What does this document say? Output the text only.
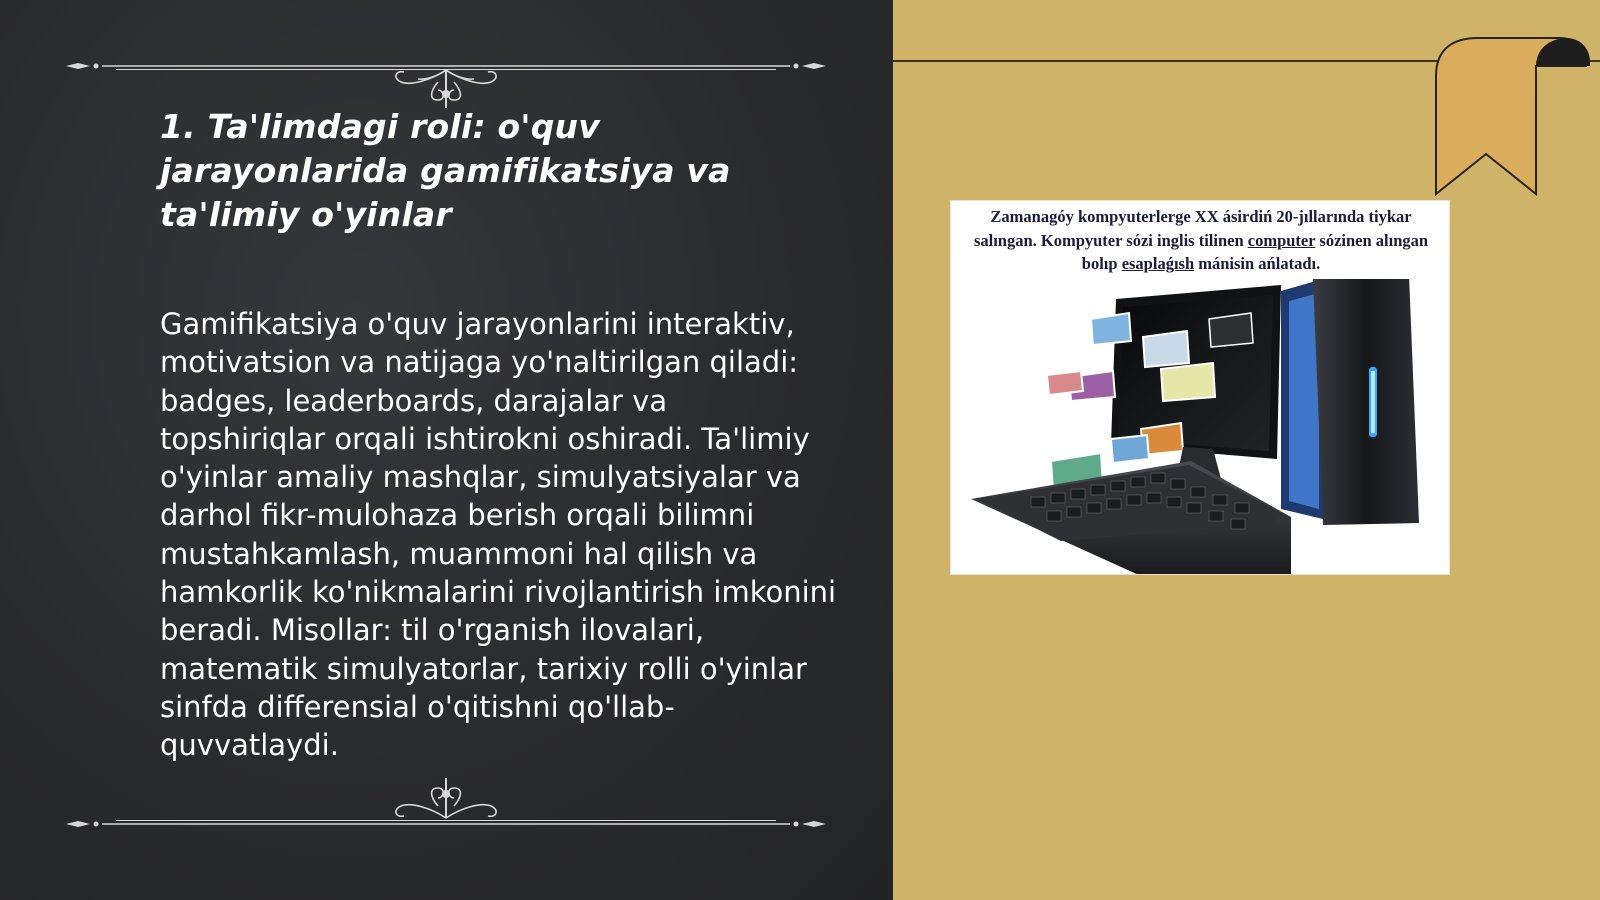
1. Ta'limdagi roli: o'quv jarayonlarida gamifikatsiya va ta'limiy o'yinlar

Gamifikatsiya o'quv jarayonlarini interaktiv, motivatsion va natijaga yo'naltirilgan qiladi: badges, leaderboards, darajalar va topshiriqlar orqali ishtirokni oshiradi. Ta'limiy o'yinlar amaliy mashqlar, simulyatsiyalar va darhol fikr-mulohaza berish orqali bilimni mustahkamlash, muammoni hal qilish va hamkorlik ko'nikmalarini rivojlantirish imkonini beradi. Misollar: til o'rganish ilovalari, matematik simulyatorlar, tarixiy rolli o'yinlar sinfda differensial o'qitishni qo'llab-quvvatlaydi.

Zamanagóy kompyuterlerge XX ásirdiń 20-jıllarında tiykar salıngan. Kompyuter sózi inglis tilinen computer sózinen alıngan bolıp esaplaǵısh mánisin ańlatadı.
